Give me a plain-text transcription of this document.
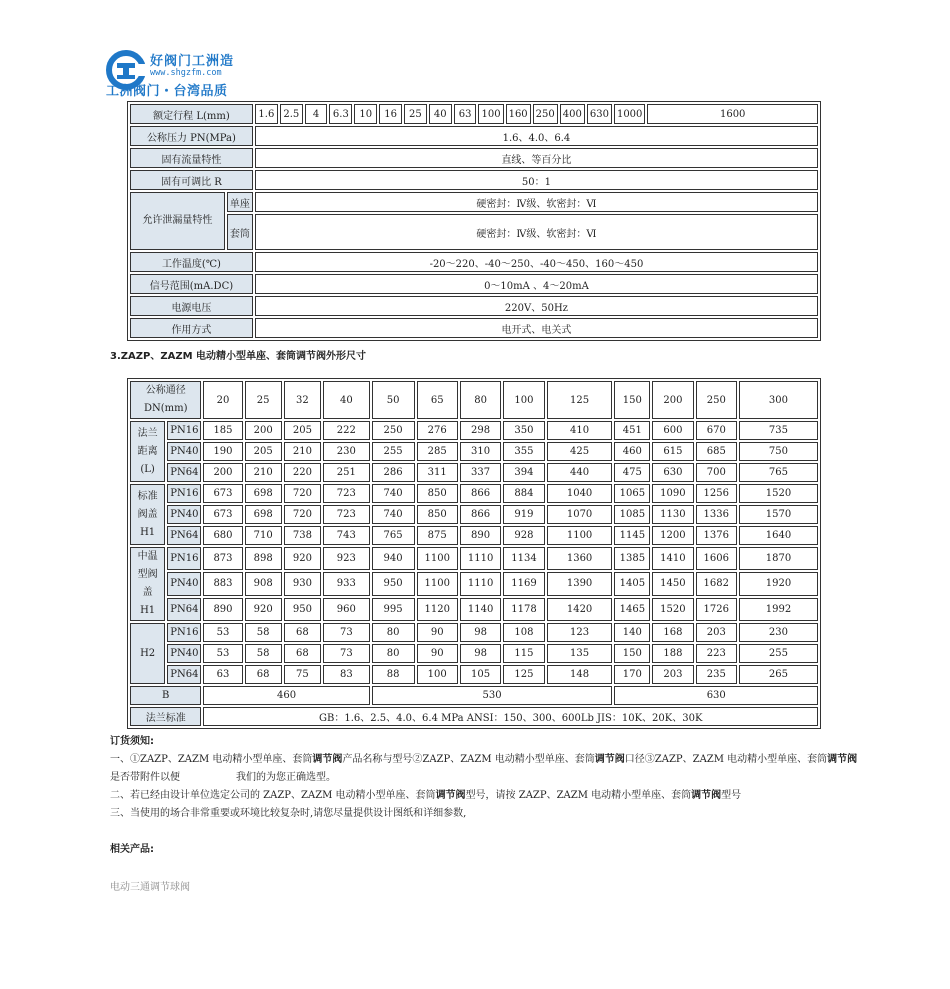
好阀门工洲造
www.shgzfm.com
工洲阀门・台湾品质
额定行程 L(mm)		1.6	2.5	4	6.3	10	16	25	40	63	100	160	250	400	630	1000	1600
公称压力 PN(MPa)		1.6、4.0、6.4															
固有流量特性		直线、等百分比															
固有可调比 R		50：1															
允许泄漏量特性	单座	硬密封：Ⅳ级、软密封：Ⅵ															
	套筒	硬密封：Ⅳ级、软密封：Ⅵ															
工作温度(℃)		-20～220、-40～250、-40～450、160～450															
信号范围(mA.DC)		0～10mA 、4～20mA															
电源电压		220V、50Hz															
作用方式		电开式、电关式															
3.ZAZP、ZAZM 电动精小型单座、套筒调节阀外形尺寸
公称通径 DN(mm)		20	25	32	40	50	65	80	100	125	150	200	250	300
法兰距离(L)	PN16	185	200	205	222	250	276	298	350	410	451	600	670	735
	PN40	190	205	210	230	255	285	310	355	425	460	615	685	750
	PN64	200	210	220	251	286	311	337	394	440	475	630	700	765
标准阀盖 H1	PN16	673	698	720	723	740	850	866	884	1040	1065	1090	1256	1520
	PN40	673	698	720	723	740	850	866	919	1070	1085	1130	1336	1570
	PN64	680	710	738	743	765	875	890	928	1100	1145	1200	1376	1640
中温型阀盖 H1	PN16	873	898	920	923	940	1100	1110	1134	1360	1385	1410	1606	1870
	PN40	883	908	930	933	950	1100	1110	1169	1390	1405	1450	1682	1920
	PN64	890	920	950	960	995	1120	1140	1178	1420	1465	1520	1726	1992
H2	PN16	53	58	68	73	80	90	98	108	123	140	168	203	230
	PN40	53	58	68	73	80	90	98	115	135	150	188	223	255
	PN64	63	68	75	83	88	100	105	125	148	170	203	235	265
B		460				530					630			
法兰标准		GB：1.6、2.5、4.0、6.4 MPa ANSI：150、300、600Lb JIS：10K、20K、30K												

订货须知:

一、①ZAZP、ZAZM 电动精小型单座、套筒调节阀产品名称与型号②ZAZP、ZAZM 电动精小型单座、套筒调节阀口径③ZAZP、ZAZM 电动精小型单座、套筒调节阀

是否带附件以便	我们的为您正确选型。

二、若已经由设计单位选定公司的 ZAZP、ZAZM 电动精小型单座、套筒调节阀型号，请按 ZAZP、ZAZM 电动精小型单座、套筒调节阀型号

三、当使用的场合非常重要或环境比较复杂时,请您尽量提供设计图纸和详细参数,

相关产品:
电动三通调节球阀
